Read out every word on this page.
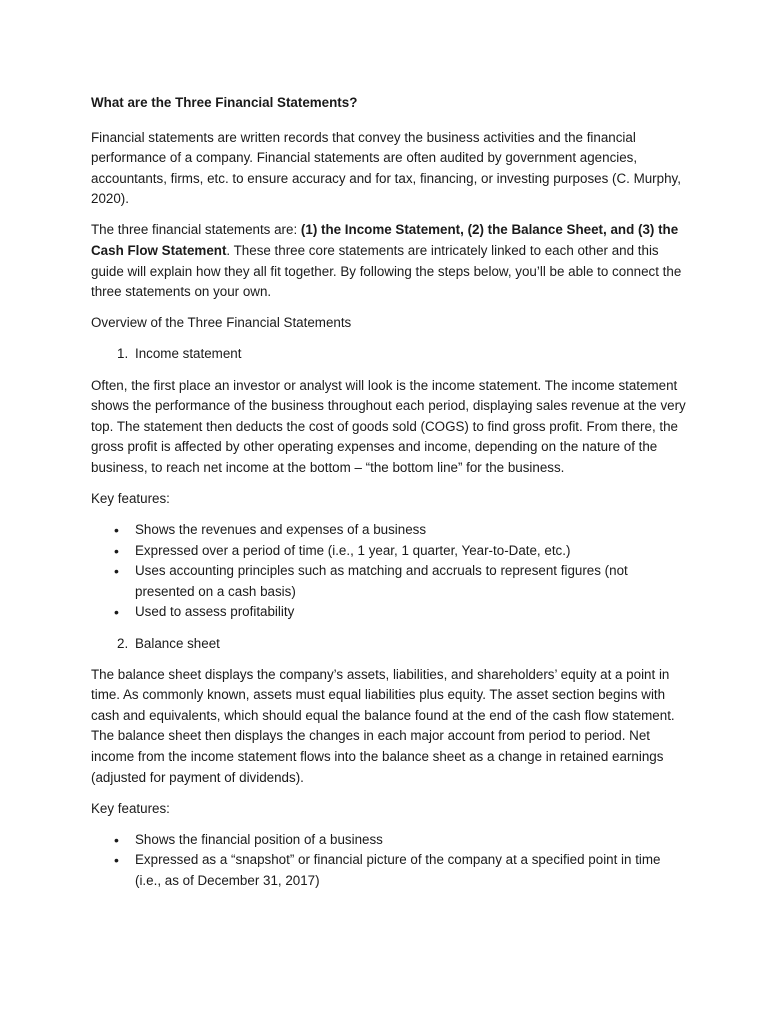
What are the Three Financial Statements?

Financial statements are written records that convey the business activities and the financial performance of a company. Financial statements are often audited by government agencies, accountants, firms, etc. to ensure accuracy and for tax, financing, or investing purposes (C. Murphy, 2020).

The three financial statements are: (1) the Income Statement, (2) the Balance Sheet, and (3) the Cash Flow Statement. These three core statements are intricately linked to each other and this guide will explain how they all fit together. By following the steps below, you’ll be able to connect the three statements on your own.

Overview of the Three Financial Statements

1. Income statement

Often, the first place an investor or analyst will look is the income statement. The income statement shows the performance of the business throughout each period, displaying sales revenue at the very top. The statement then deducts the cost of goods sold (COGS) to find gross profit. From there, the gross profit is affected by other operating expenses and income, depending on the nature of the business, to reach net income at the bottom – “the bottom line” for the business.

Key features:

• Shows the revenues and expenses of a business
• Expressed over a period of time (i.e., 1 year, 1 quarter, Year-to-Date, etc.)
• Uses accounting principles such as matching and accruals to represent figures (not presented on a cash basis)
• Used to assess profitability
2. Balance sheet

The balance sheet displays the company’s assets, liabilities, and shareholders’ equity at a point in time. As commonly known, assets must equal liabilities plus equity. The asset section begins with cash and equivalents, which should equal the balance found at the end of the cash flow statement. The balance sheet then displays the changes in each major account from period to period. Net income from the income statement flows into the balance sheet as a change in retained earnings (adjusted for payment of dividends).

Key features:

• Shows the financial position of a business
• Expressed as a “snapshot” or financial picture of the company at a specified point in time (i.e., as of December 31, 2017)
